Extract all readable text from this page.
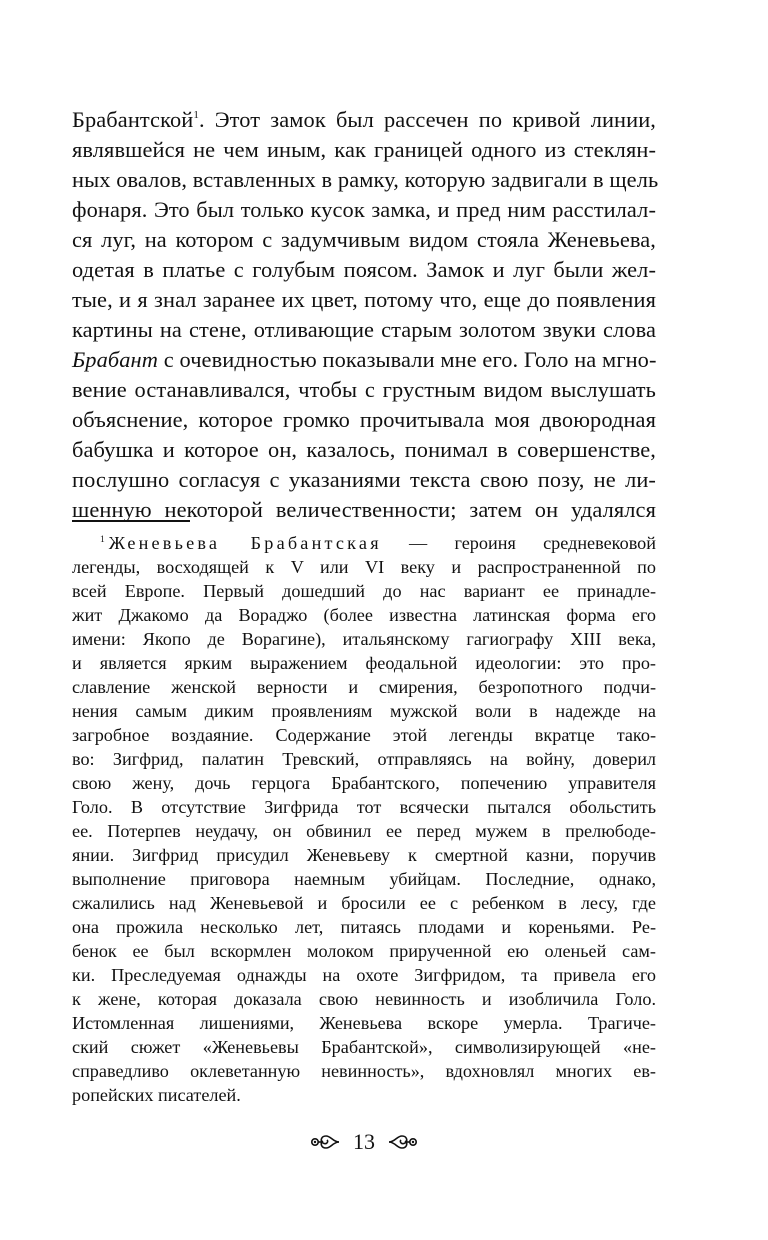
Брабантской$^1$. Этот замок был рассечен по кривой линии,
являвшейся не чем иным, как границей одного из стеклян-
ных овалов, вставленных в рамку, которую задвигали в щель
фонаря. Это был только кусок замка, и пред ним расстилал-
ся луг, на котором с задумчивым видом стояла Женевьева,
одетая в платье с голубым поясом. Замок и луг были жел-
тые, и я знал заранее их цвет, потому что, еще до появления
картины на стене, отливающие старым золотом звуки слова
Брабант с очевидностью показывали мне его. Голо на мгно-
вение останавливался, чтобы с грустным видом выслушать
объяснение, которое громко прочитывала моя двоюродная
бабушка и которое он, казалось, понимал в совершенстве,
послушно согласуя с указаниями текста свою позу, не ли-
шенную некоторой величественности; затем он удалялся
$^1$ Женевьева Брабантская — героиня средневековой
легенды, восходящей к V или VI веку и распространенной по
всей Европе. Первый дошедший до нас вариант ее принадле-
жит Джакомо да Вораджо (более известна латинская форма его
имени: Якопо де Ворагине), итальянскому гагиографу XIII века,
и является ярким выражением феодальной идеологии: это про-
славление женской верности и смирения, безропотного подчи-
нения самым диким проявлениям мужской воли в надежде на
загробное воздаяние. Содержание этой легенды вкратце тако-
во: Зигфрид, палатин Тревский, отправляясь на войну, доверил
свою жену, дочь герцога Брабантского, попечению управителя
Голо. В отсутствие Зигфрида тот всячески пытался обольстить
ее. Потерпев неудачу, он обвинил ее перед мужем в прелюбоде-
янии. Зигфрид присудил Женевьеву к смертной казни, поручив
выполнение приговора наемным убийцам. Последние, однако,
сжалились над Женевьевой и бросили ее с ребенком в лесу, где
она прожила несколько лет, питаясь плодами и кореньями. Ре-
бенок ее был вскормлен молоком прирученной ею оленьей сам-
ки. Преследуемая однажды на охоте Зигфридом, та привела его
к жене, которая доказала свою невинность и изобличила Голо.
Истомленная лишениями, Женевьева вскоре умерла. Трагиче-
ский сюжет «Женевьевы Брабантской», символизирующей «не-
справедливо оклеветанную невинность», вдохновлял многих ев-
ропейских писателей.
13
